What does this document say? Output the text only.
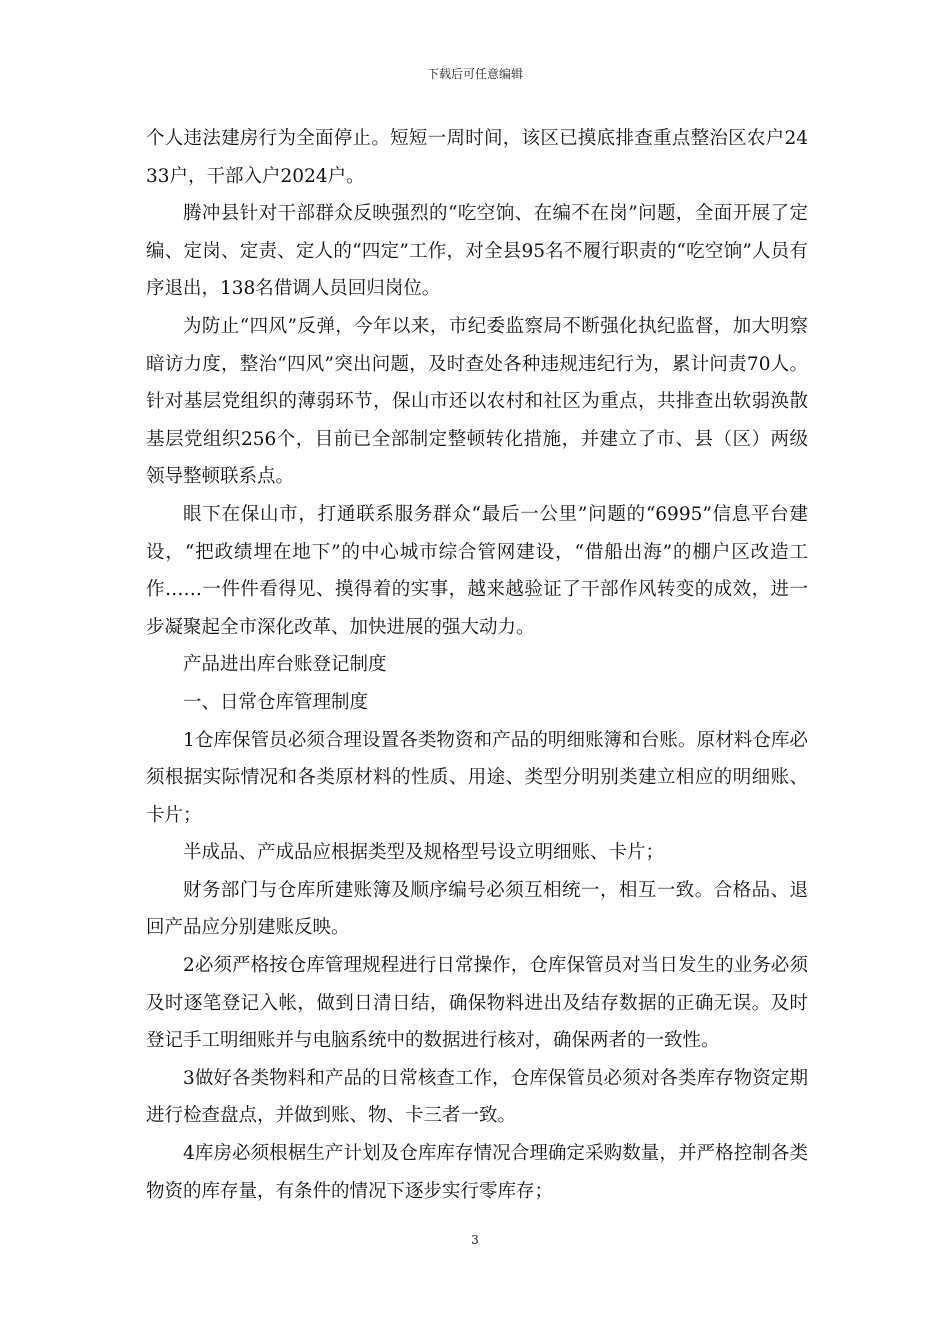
下载后可任意编辑

个人违法建房行为全面停止。短短一周时间，该区已摸底排查重点整治区农户2433户，干部入户2024户。

腾冲县针对干部群众反映强烈的“吃空饷、在编不在岗”问题，全面开展了定编、定岗、定责、定人的“四定”工作，对全县95名不履行职责的“吃空饷”人员有序退出，138名借调人员回归岗位。

为防止“四风”反弹，今年以来，市纪委监察局不断强化执纪监督，加大明察暗访力度，整治“四风”突出问题，及时查处各种违规违纪行为，累计问责70人。针对基层党组织的薄弱环节，保山市还以农村和社区为重点，共排查出软弱涣散基层党组织256个，目前已全部制定整顿转化措施，并建立了市、县（区）两级领导整顿联系点。

眼下在保山市，打通联系服务群众“最后一公里”问题的“6995”信息平台建设，“把政绩埋在地下”的中心城市综合管网建设，“借船出海”的棚户区改造工作……一件件看得见、摸得着的实事，越来越验证了干部作风转变的成效，进一步凝聚起全市深化改革、加快进展的强大动力。

产品进出库台账登记制度

一、日常仓库管理制度

1仓库保管员必须合理设置各类物资和产品的明细账簿和台账。原材料仓库必须根据实际情况和各类原材料的性质、用途、类型分明别类建立相应的明细账、卡片；

半成品、产成品应根据类型及规格型号设立明细账、卡片；

财务部门与仓库所建账簿及顺序编号必须互相统一，相互一致。合格品、退回产品应分别建账反映。

2必须严格按仓库管理规程进行日常操作，仓库保管员对当日发生的业务必须及时逐笔登记入帐，做到日清日结，确保物料进出及结存数据的正确无误。及时登记手工明细账并与电脑系统中的数据进行核对，确保两者的一致性。

3做好各类物料和产品的日常核查工作，仓库保管员必须对各类库存物资定期进行检查盘点，并做到账、物、卡三者一致。

4库房必须根椐生产计划及仓库库存情况合理确定采购数量，并严格控制各类物资的库存量，有条件的情况下逐步实行零库存；

3
